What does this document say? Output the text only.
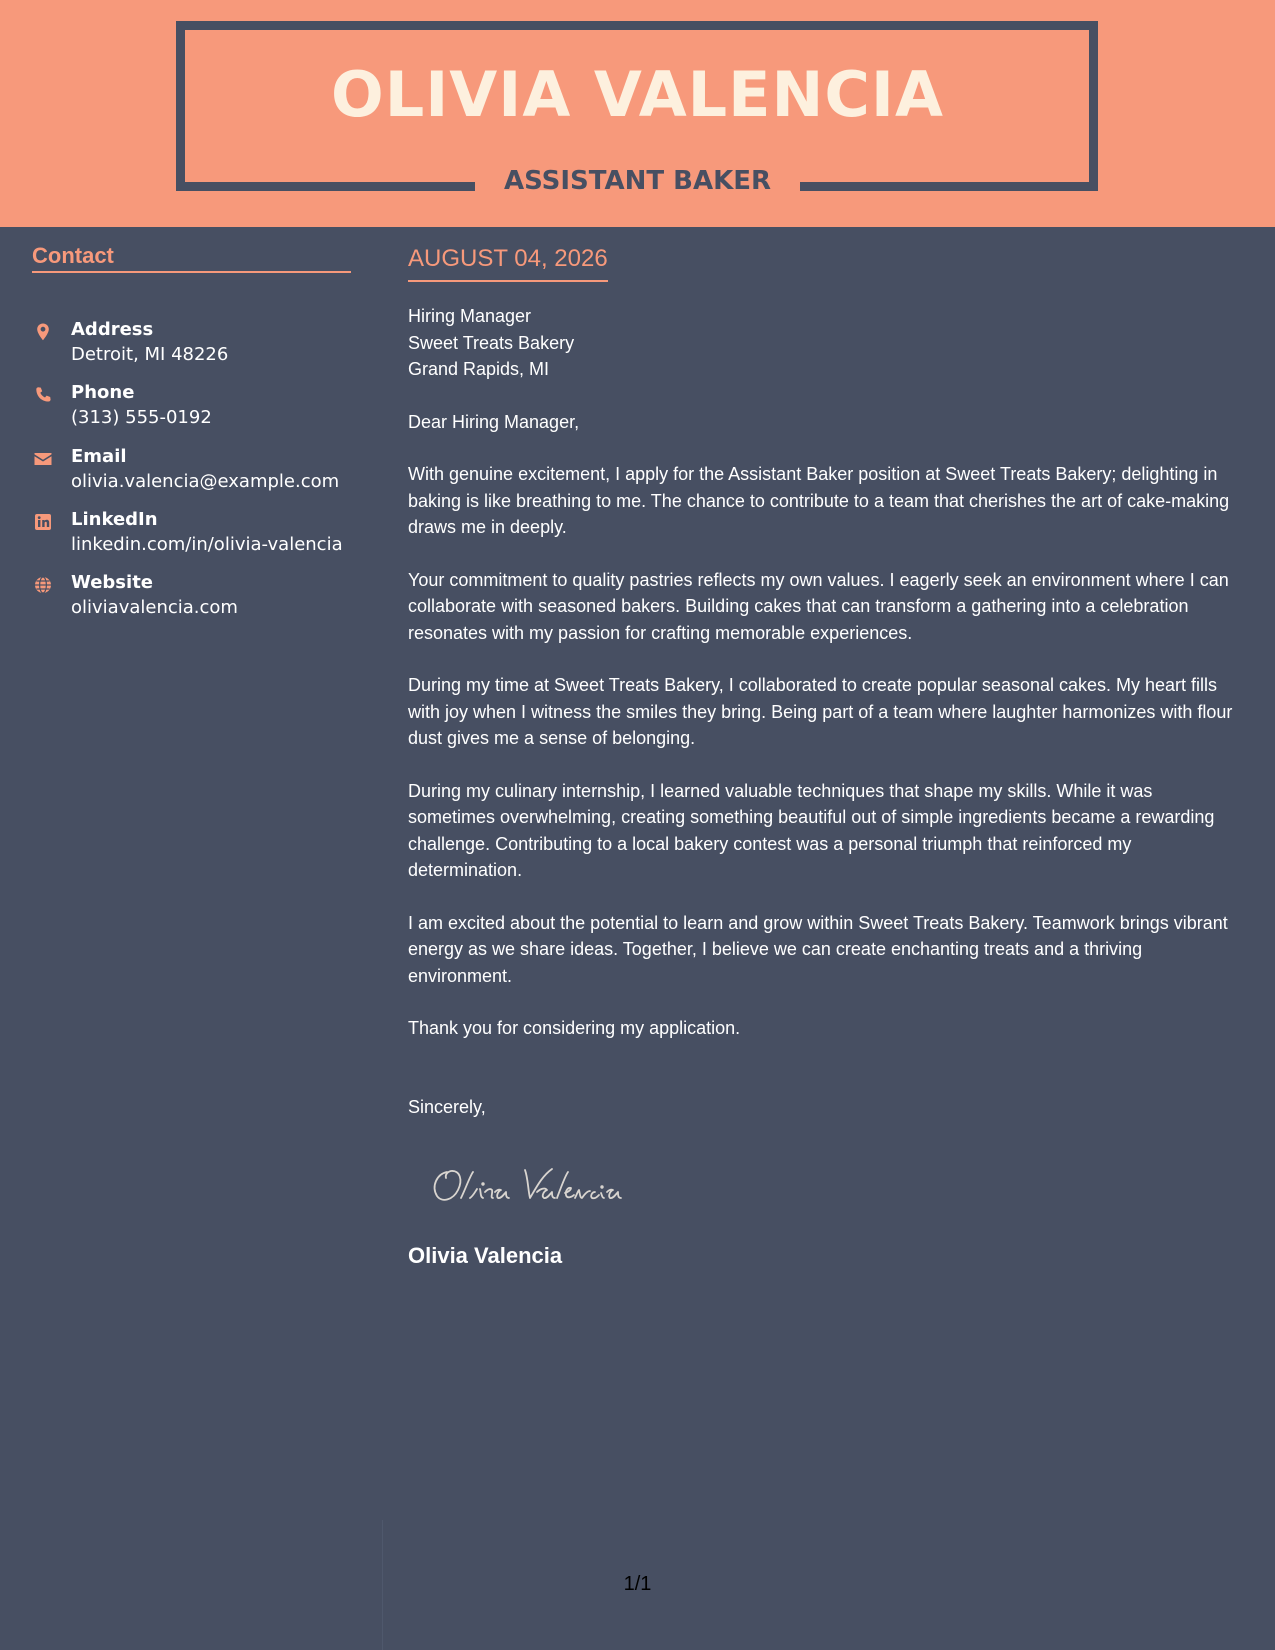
OLIVIA VALENCIA
ASSISTANT BAKER
Contact
Address
Detroit, MI 48226
Phone
(313) 555-0192
Email
olivia.valencia@example.com
LinkedIn
linkedin.com/in/olivia-valencia
Website
oliviavalencia.com
AUGUST 04, 2026
Hiring Manager
Sweet Treats Bakery
Grand Rapids, MI
Dear Hiring Manager,

With genuine excitement, I apply for the Assistant Baker position at Sweet Treats Bakery; delighting in baking is like breathing to me. The chance to contribute to a team that cherishes the art of cake-making draws me in deeply.

Your commitment to quality pastries reflects my own values. I eagerly seek an environment where I can collaborate with seasoned bakers. Building cakes that can transform a gathering into a celebration resonates with my passion for crafting memorable experiences.

During my time at Sweet Treats Bakery, I collaborated to create popular seasonal cakes. My heart fills with joy when I witness the smiles they bring. Being part of a team where laughter harmonizes with flour dust gives me a sense of belonging.

During my culinary internship, I learned valuable techniques that shape my skills. While it was sometimes overwhelming, creating something beautiful out of simple ingredients became a rewarding challenge. Contributing to a local bakery contest was a personal triumph that reinforced my determination.

I am excited about the potential to learn and grow within Sweet Treats Bakery. Teamwork brings vibrant energy as we share ideas. Together, I believe we can create enchanting treats and a thriving environment.

Thank you for considering my application.

Sincerely,
Olivia Valencia
1/1
